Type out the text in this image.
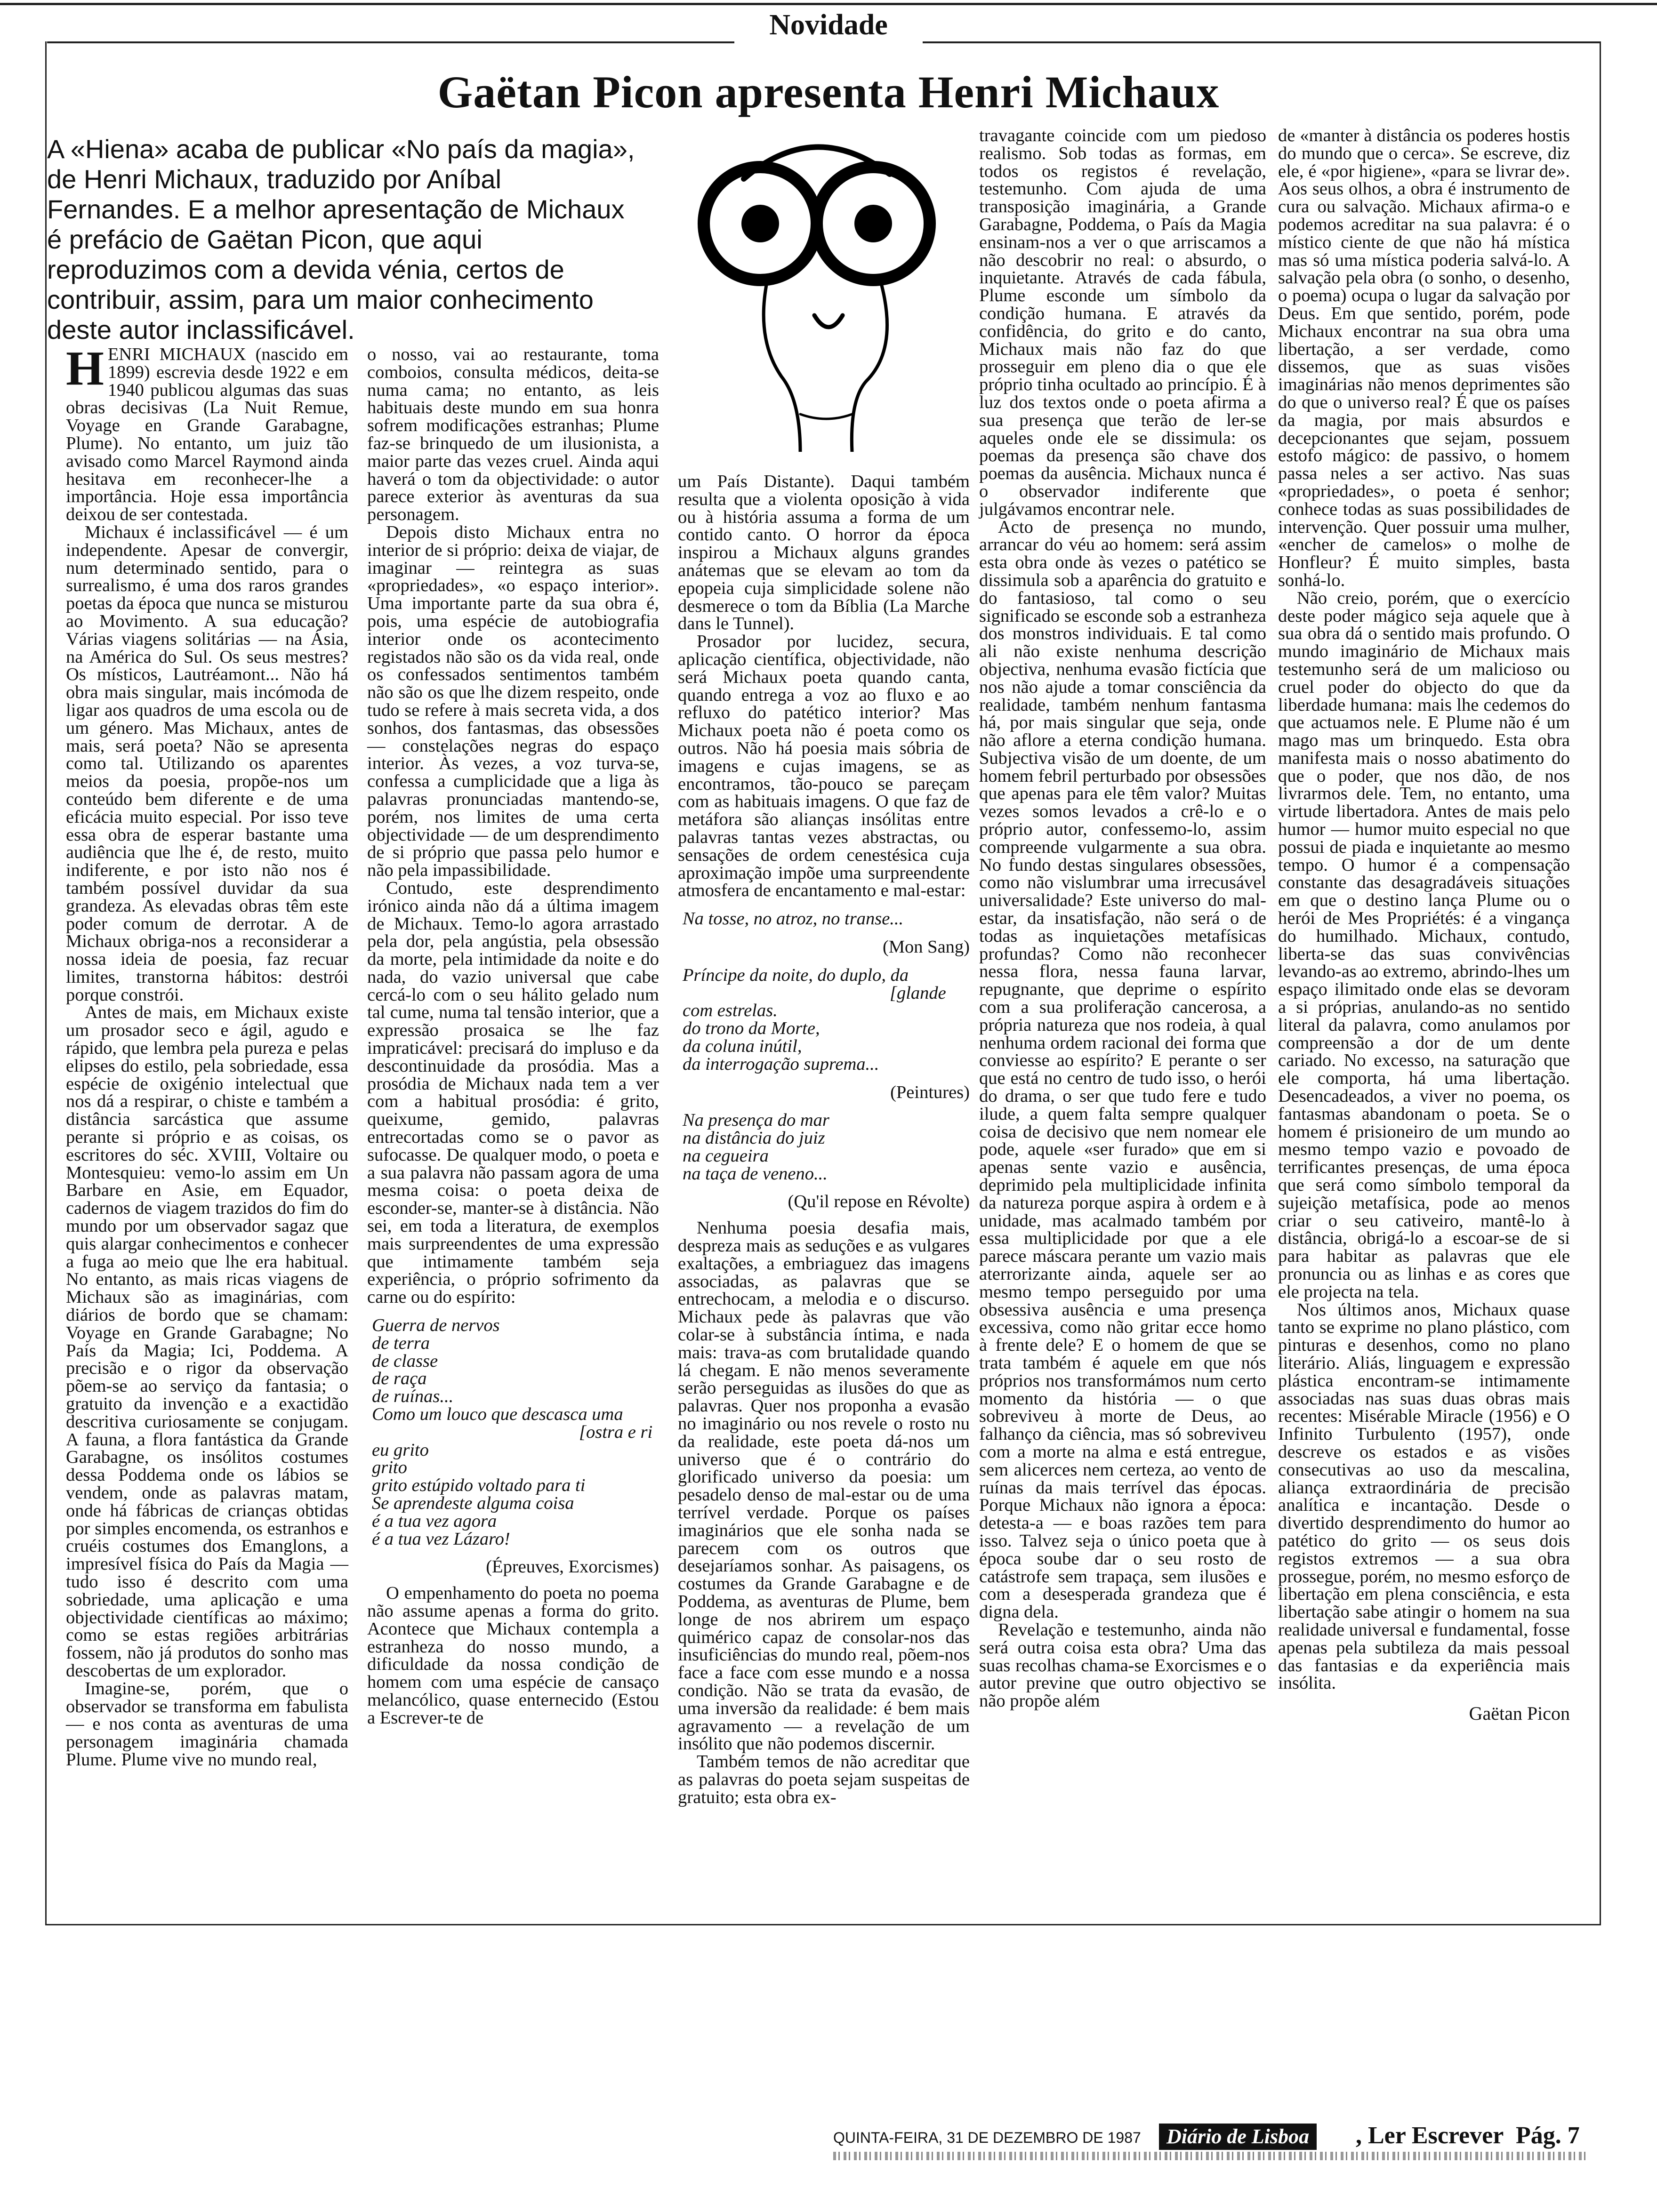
Novidade
Gaëtan Picon apresenta Henri Michaux
A «Hiena» acaba de publicar «No país da magia», de Henri Michaux, traduzido por Aníbal Fernandes. E a melhor apresentação de Michaux é prefácio de Gaëtan Picon, que aqui reproduzimos com a devida vénia, certos de contribuir, assim, para um maior conhecimento deste autor inclassificável.

HENRI MICHAUX (nascido em 1899) escrevia desde 1922 e em 1940 publicou algumas das suas obras decisivas (La Nuit Remue, Voyage en Grande Garabagne, Plume). No entanto, um juiz tão avisado como Marcel Raymond ainda hesitava em reconhecer-lhe a importância. Hoje essa importância deixou de ser contestada.

Michaux é inclassificável — é um independente. Apesar de convergir, num determinado sentido, para o surrealismo, é uma dos raros grandes poetas da época que nunca se misturou ao Movimento. A sua educação? Várias viagens solitárias — na Ásia, na América do Sul. Os seus mestres? Os místicos, Lautréamont... Não há obra mais singular, mais incómoda de ligar aos quadros de uma escola ou de um género. Mas Michaux, antes de mais, será poeta? Não se apresenta como tal. Utilizando os aparentes meios da poesia, propõe-nos um conteúdo bem diferente e de uma eficácia muito especial. Por isso teve essa obra de esperar bastante uma audiência que lhe é, de resto, muito indiferente, e por isto não nos é também possível duvidar da sua grandeza. As elevadas obras têm este poder comum de derrotar. A de Michaux obriga-nos a reconsiderar a nossa ideia de poesia, faz recuar limites, transtorna hábitos: destrói porque constrói.

Antes de mais, em Michaux existe um prosador seco e ágil, agudo e rápido, que lembra pela pureza e pelas elipses do estilo, pela sobriedade, essa espécie de oxigénio intelectual que nos dá a respirar, o chiste e também a distância sarcástica que assume perante si próprio e as coisas, os escritores do séc. XVIII, Voltaire ou Montesquieu: vemo-lo assim em Un Barbare en Asie, em Equador, cadernos de viagem trazidos do fim do mundo por um observador sagaz que quis alargar conhecimentos e conhecer a fuga ao meio que lhe era habitual. No entanto, as mais ricas viagens de Michaux são as imaginárias, com diários de bordo que se chamam: Voyage en Grande Garabagne; No País da Magia; Ici, Poddema. A precisão e o rigor da observação põem-se ao serviço da fantasia; o gratuito da invenção e a exactidão descritiva curiosamente se conjugam. A fauna, a flora fantástica da Grande Garabagne, os insólitos costumes dessa Poddema onde os lábios se vendem, onde as palavras matam, onde há fábricas de crianças obtidas por simples encomenda, os estranhos e cruéis costumes dos Emanglons, a impresível física do País da Magia — tudo isso é descrito com uma sobriedade, uma aplicação e uma objectividade científicas ao máximo; como se estas regiões arbitrárias fossem, não já produtos do sonho mas descobertas de um explorador.

Imagine-se, porém, que o observador se transforma em fabulista — e nos conta as aventuras de uma personagem imaginária chamada Plume. Plume vive no mundo real,

o nosso, vai ao restaurante, toma comboios, consulta médicos, deita-se numa cama; no entanto, as leis habituais deste mundo em sua honra sofrem modificações estranhas; Plume faz-se brinquedo de um ilusionista, a maior parte das vezes cruel. Ainda aqui haverá o tom da objectividade: o autor parece exterior às aventuras da sua personagem.

Depois disto Michaux entra no interior de si próprio: deixa de viajar, de imaginar — reintegra as suas «propriedades», «o espaço interior». Uma importante parte da sua obra é, pois, uma espécie de autobiografia interior onde os acontecimento registados não são os da vida real, onde os confessados sentimentos também não são os que lhe dizem respeito, onde tudo se refere à mais secreta vida, a dos sonhos, dos fantasmas, das obsessões — constelações negras do espaço interior. Às vezes, a voz turva-se, confessa a cumplicidade que a liga às palavras pronunciadas mantendo-se, porém, nos limites de uma certa objectividade — de um desprendimento de si próprio que passa pelo humor e não pela impassibilidade.

Contudo, este desprendimento irónico ainda não dá a última imagem de Michaux. Temo-lo agora arrastado pela dor, pela angústia, pela obsessão da morte, pela intimidade da noite e do nada, do vazio universal que cabe cercá-lo com o seu hálito gelado num tal cume, numa tal tensão interior, que a expressão prosaica se lhe faz impraticável: precisará do impluso e da descontinuidade da prosódia. Mas a prosódia de Michaux nada tem a ver com a habitual prosódia: é grito, queixume, gemido, palavras entrecortadas como se o pavor as sufocasse. De qualquer modo, o poeta e a sua palavra não passam agora de uma mesma coisa: o poeta deixa de esconder-se, manter-se à distância. Não sei, em toda a literatura, de exemplos mais surpreendentes de uma expressão que intimamente também seja experiência, o próprio sofrimento da carne ou do espírito:

Guerra de nervos
de terra
de classe
de raça
de ruínas...
Como um louco que descasca uma
[ostra e ri
eu grito
grito
grito estúpido voltado para ti
Se aprendeste alguma coisa
é a tua vez agora
é a tua vez Lázaro!

(Épreuves, Exorcismes)

O empenhamento do poeta no poema não assume apenas a forma do grito. Acontece que Michaux contempla a estranheza do nosso mundo, a dificuldade da nossa condição de homem com uma espécie de cansaço melancólico, quase enternecido (Estou a Escrever-te de

um País Distante). Daqui também resulta que a violenta oposição à vida ou à história assuma a forma de um contido canto. O horror da época inspirou a Michaux alguns grandes anátemas que se elevam ao tom da epopeia cuja simplicidade solene não desmerece o tom da Bíblia (La Marche dans le Tunnel).

Prosador por lucidez, secura, aplicação científica, objectividade, não será Michaux poeta quando canta, quando entrega a voz ao fluxo e ao refluxo do patético interior? Mas Michaux poeta não é poeta como os outros. Não há poesia mais sóbria de imagens e cujas imagens, se as encontramos, tão-pouco se pareçam com as habituais imagens. O que faz de metáfora são alianças insólitas entre palavras tantas vezes abstractas, ou sensações de ordem cenestésica cuja aproximação impõe uma surpreendente atmosfera de encantamento e mal-estar:

Na tosse, no atroz, no transe...

(Mon Sang)

Príncipe da noite, do duplo, da
[glande
com estrelas.
do trono da Morte,
da coluna inútil,
da interrogação suprema...

(Peintures)

Na presença do mar
na distância do juiz
na cegueira
na taça de veneno...

(Qu'il repose en Révolte)

Nenhuma poesia desafia mais, despreza mais as seduções e as vulgares exaltações, a embriaguez das imagens associadas, as palavras que se entrechocam, a melodia e o discurso. Michaux pede às palavras que vão colar-se à substância íntima, e nada mais: trava-as com brutalidade quando lá chegam. E não menos severamente serão perseguidas as ilusões do que as palavras. Quer nos proponha a evasão no imaginário ou nos revele o rosto nu da realidade, este poeta dá-nos um universo que é o contrário do glorificado universo da poesia: um pesadelo denso de mal-estar ou de uma terrível verdade. Porque os países imaginários que ele sonha nada se parecem com os outros que desejaríamos sonhar. As paisagens, os costumes da Grande Garabagne e de Poddema, as aventuras de Plume, bem longe de nos abrirem um espaço quimérico capaz de consolar-nos das insuficiências do mundo real, põem-nos face a face com esse mundo e a nossa condição. Não se trata da evasão, de uma inversão da realidade: é bem mais agravamento — a revelação de um insólito que não podemos discernir.

Também temos de não acreditar que as palavras do poeta sejam suspeitas de gratuito; esta obra ex-

travagante coincide com um piedoso realismo. Sob todas as formas, em todos os registos é revelação, testemunho. Com ajuda de uma transposição imaginária, a Grande Garabagne, Poddema, o País da Magia ensinam-nos a ver o que arriscamos a não descobrir no real: o absurdo, o inquietante. Através de cada fábula, Plume esconde um símbolo da condição humana. E através da confidência, do grito e do canto, Michaux mais não faz do que prosseguir em pleno dia o que ele próprio tinha ocultado ao princípio. É à luz dos textos onde o poeta afirma a sua presença que terão de ler-se aqueles onde ele se dissimula: os poemas da presença são chave dos poemas da ausência. Michaux nunca é o observador indiferente que julgávamos encontrar nele.

Acto de presença no mundo, arrancar do véu ao homem: será assim esta obra onde às vezes o patético se dissimula sob a aparência do gratuito e do fantasioso, tal como o seu significado se esconde sob a estranheza dos monstros individuais. E tal como ali não existe nenhuma descrição objectiva, nenhuma evasão fictícia que nos não ajude a tomar consciência da realidade, também nenhum fantasma há, por mais singular que seja, onde não aflore a eterna condição humana. Subjectiva visão de um doente, de um homem febril perturbado por obsessões que apenas para ele têm valor? Muitas vezes somos levados a crê-lo e o próprio autor, confessemo-lo, assim compreende vulgarmente a sua obra. No fundo destas singulares obsessões, como não vislumbrar uma irrecusável universalidade? Este universo do mal-estar, da insatisfação, não será o de todas as inquietações metafísicas profundas? Como não reconhecer nessa flora, nessa fauna larvar, repugnante, que deprime o espírito com a sua proliferação cancerosa, a própria natureza que nos rodeia, à qual nenhuma ordem racional dei forma que conviesse ao espírito? E perante o ser que está no centro de tudo isso, o herói do drama, o ser que tudo fere e tudo ilude, a quem falta sempre qualquer coisa de decisivo que nem nomear ele pode, aquele «ser furado» que em si apenas sente vazio e ausência, deprimido pela multiplicidade infinita da natureza porque aspira à ordem e à unidade, mas acalmado também por essa multiplicidade por que a ele parece máscara perante um vazio mais aterrorizante ainda, aquele ser ao mesmo tempo perseguido por uma obsessiva ausência e uma presença excessiva, como não gritar ecce homo à frente dele? E o homem de que se trata também é aquele em que nós próprios nos transformámos num certo momento da história — o que sobreviveu à morte de Deus, ao falhanço da ciência, mas só sobreviveu com a morte na alma e está entregue, sem alicerces nem certeza, ao vento de ruínas da mais terrível das épocas. Porque Michaux não ignora a época: detesta-a — e boas razões tem para isso. Talvez seja o único poeta que à época soube dar o seu rosto de catástrofe sem trapaça, sem ilusões e com a desesperada grandeza que é digna dela.

Revelação e testemunho, ainda não será outra coisa esta obra? Uma das suas recolhas chama-se Exorcismes e o autor previne que outro objectivo se não propõe além

de «manter à distância os poderes hostis do mundo que o cerca». Se escreve, diz ele, é «por higiene», «para se livrar de». Aos seus olhos, a obra é instrumento de cura ou salvação. Michaux afirma-o e podemos acreditar na sua palavra: é o místico ciente de que não há mística mas só uma mística poderia salvá-lo. A salvação pela obra (o sonho, o desenho, o poema) ocupa o lugar da salvação por Deus. Em que sentido, porém, pode Michaux encontrar na sua obra uma libertação, a ser verdade, como dissemos, que as suas visões imaginárias não menos deprimentes são do que o universo real? É que os países da magia, por mais absurdos e decepcionantes que sejam, possuem estofo mágico: de passivo, o homem passa neles a ser activo. Nas suas «propriedades», o poeta é senhor; conhece todas as suas possibilidades de intervenção. Quer possuir uma mulher, «encher de camelos» o molhe de Honfleur? É muito simples, basta sonhá-lo.

Não creio, porém, que o exercício deste poder mágico seja aquele que à sua obra dá o sentido mais profundo. O mundo imaginário de Michaux mais testemunho será de um malicioso ou cruel poder do objecto do que da liberdade humana: mais lhe cedemos do que actuamos nele. E Plume não é um mago mas um brinquedo. Esta obra manifesta mais o nosso abatimento do que o poder, que nos dão, de nos livrarmos dele. Tem, no entanto, uma virtude libertadora. Antes de mais pelo humor — humor muito especial no que possui de piada e inquietante ao mesmo tempo. O humor é a compensação constante das desagradáveis situações em que o destino lança Plume ou o herói de Mes Propriétés: é a vingança do humilhado. Michaux, contudo, liberta-se das suas convivências levando-as ao extremo, abrindo-lhes um espaço ilimitado onde elas se devoram a si próprias, anulando-as no sentido literal da palavra, como anulamos por compreensão a dor de um dente cariado. No excesso, na saturação que ele comporta, há uma libertação. Desencadeados, a viver no poema, os fantasmas abandonam o poeta. Se o homem é prisioneiro de um mundo ao mesmo tempo vazio e povoado de terrificantes presenças, de uma época que será como símbolo temporal da sujeição metafísica, pode ao menos criar o seu cativeiro, mantê-lo à distância, obrigá-lo a escoar-se de si para habitar as palavras que ele pronuncia ou as linhas e as cores que ele projecta na tela.

Nos últimos anos, Michaux quase tanto se exprime no plano plástico, com pinturas e desenhos, como no plano literário. Aliás, linguagem e expressão plástica encontram-se intimamente associadas nas suas duas obras mais recentes: Misérable Miracle (1956) e O Infinito Turbulento (1957), onde descreve os estados e as visões consecutivas ao uso da mescalina, aliança extraordinária de precisão analítica e incantação. Desde o divertido desprendimento do humor ao patético do grito — os seus dois registos extremos — a sua obra prossegue, porém, no mesmo esforço de libertação em plena consciência, e esta libertação sabe atingir o homem na sua realidade universal e fundamental, fosse apenas pela subtileza da mais pessoal das fantasias e da experiência mais insólita.

Gaëtan Picon
QUINTA-FEIRA, 31 DE DEZEMBRO DE 1987	Diário de Lisboa	, Ler Escrever Pág. 7
